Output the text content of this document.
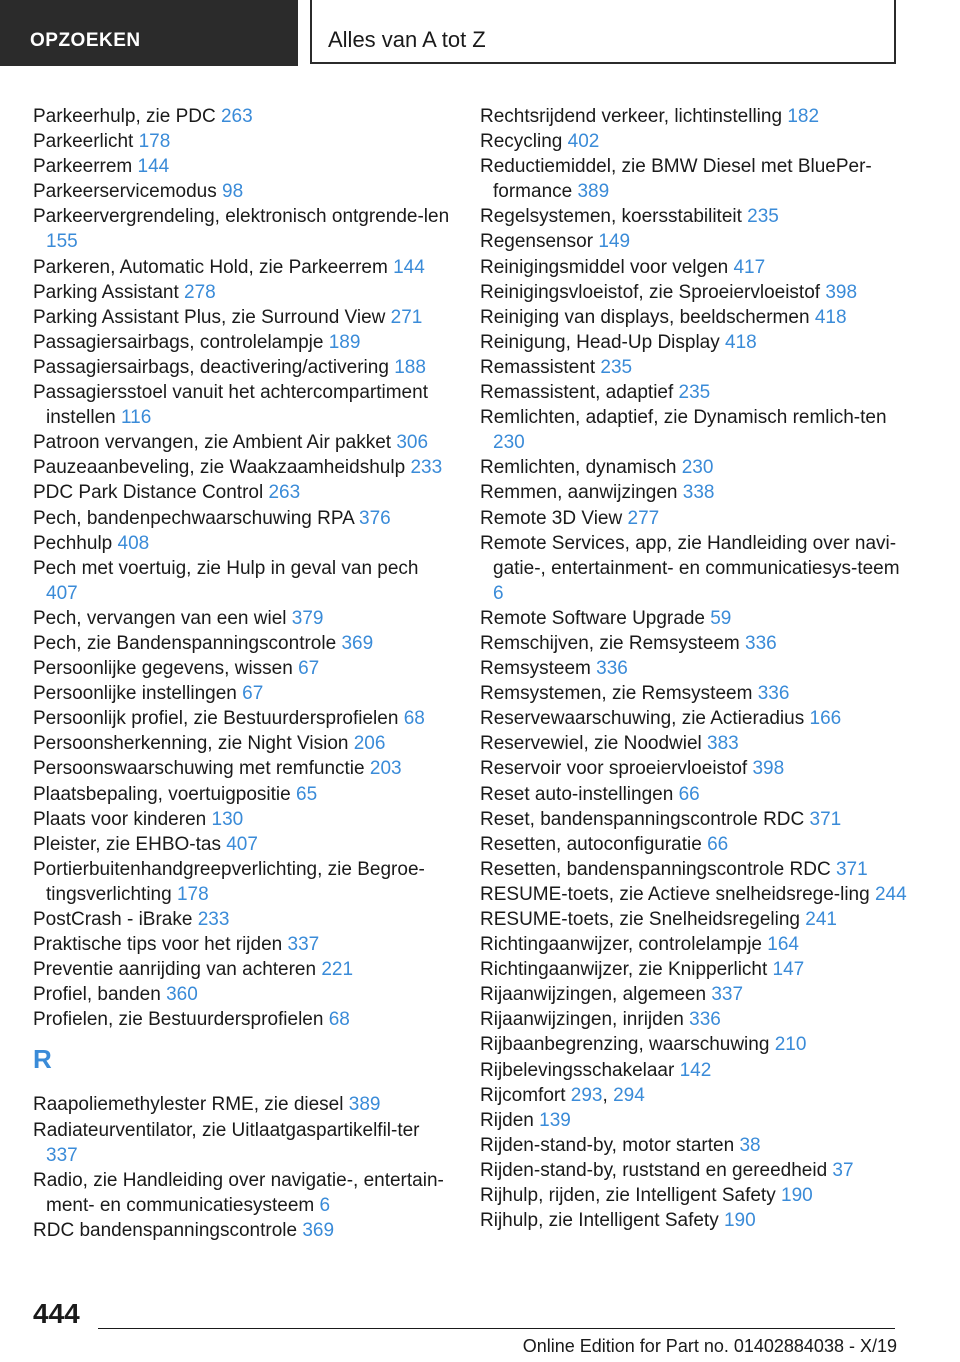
OPZOEKEN	Alles van A tot Z
Parkeerhulp, zie PDC 263
Parkeerlicht 178
Parkeerrem 144
Parkeerservicemodus 98
Parkeervergrendeling, elektronisch ontgrende‐len 155
Parkeren, Automatic Hold, zie Parkeerrem 144
Parking Assistant 278
Parking Assistant Plus, zie Surround View 271
Passagiersairbags, controlelampje 189
Passagiersairbags, deactivering/activering 188
Passagiersstoel vanuit het achtercompartiment instellen 116
Patroon vervangen, zie Ambient Air pakket 306
Pauzeaanbeveling, zie Waakzaamheidshulp 233
PDC Park Distance Control 263
Pech, bandenpechwaarschuwing RPA 376
Pechhulp 408
Pech met voertuig, zie Hulp in geval van pech 407
Pech, vervangen van een wiel 379
Pech, zie Bandenspanningscontrole 369
Persoonlijke gegevens, wissen 67
Persoonlijke instellingen 67
Persoonlijk profiel, zie Bestuurdersprofielen 68
Persoonsherkenning, zie Night Vision 206
Persoonswaarschuwing met remfunctie 203
Plaatsbepaling, voertuigpositie 65
Plaats voor kinderen 130
Pleister, zie EHBO-tas 407
Portierbuitenhandgreepverlichting, zie Begroe‐tingsverlichting 178
PostCrash - iBrake 233
Praktische tips voor het rijden 337
Preventie aanrijding van achteren 221
Profiel, banden 360
Profielen, zie Bestuurdersprofielen 68
R
Raapoliemethylester RME, zie diesel 389
Radiateurventilator, zie Uitlaatgaspartikelfil‐ter 337
Radio, zie Handleiding over navigatie-, entertain‐ment- en communicatiesysteem 6
RDC bandenspanningscontrole 369
Rechtsrijdend verkeer, lichtinstelling 182
Recycling 402
Reductiemiddel, zie BMW Diesel met BluePer‐formance 389
Regelsystemen, koersstabiliteit 235
Regensensor 149
Reinigingsmiddel voor velgen 417
Reinigingsvloeistof, zie Sproeiervloeistof 398
Reiniging van displays, beeldschermen 418
Reinigung, Head-Up Display 418
Remassistent 235
Remassistent, adaptief 235
Remlichten, adaptief, zie Dynamisch remlich‐ten 230
Remlichten, dynamisch 230
Remmen, aanwijzingen 338
Remote 3D View 277
Remote Services, app, zie Handleiding over navi‐gatie-, entertainment- en communicatiesys‐teem 6
Remote Software Upgrade 59
Remschijven, zie Remsysteem 336
Remsysteem 336
Remsystemen, zie Remsysteem 336
Reservewaarschuwing, zie Actieradius 166
Reservewiel, zie Noodwiel 383
Reservoir voor sproeiervloeistof 398
Reset auto-instellingen 66
Reset, bandenspanningscontrole RDC 371
Resetten, autoconfiguratie 66
Resetten, bandenspanningscontrole RDC 371
RESUME-toets, zie Actieve snelheidsrege‐ling 244
RESUME-toets, zie Snelheidsregeling 241
Richtingaanwijzer, controlelampje 164
Richtingaanwijzer, zie Knipperlicht 147
Rijaanwijzingen, algemeen 337
Rijaanwijzingen, inrijden 336
Rijbaanbegrenzing, waarschuwing 210
Rijbelevingsschakelaar 142
Rijcomfort 293, 294
Rijden 139
Rijden-stand-by, motor starten 38
Rijden-stand-by, ruststand en gereedheid 37
Rijhulp, rijden, zie Intelligent Safety 190
Rijhulp, zie Intelligent Safety 190
444
Online Edition for Part no. 01402884038 - X/19
